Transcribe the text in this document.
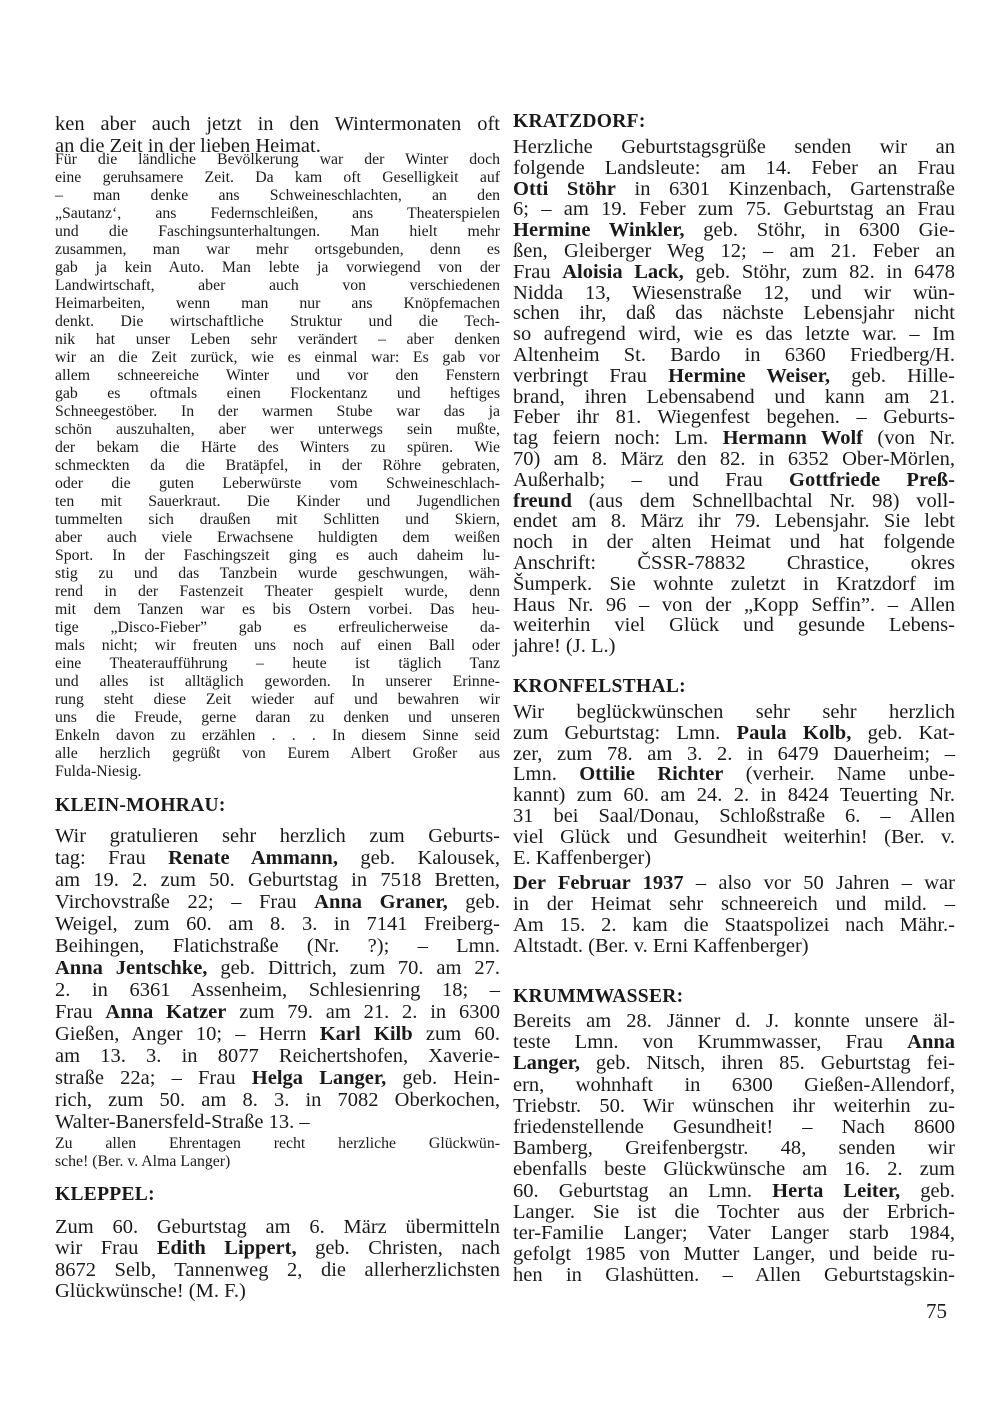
ken aber auch jetzt in den Wintermonaten oft
an die Zeit in der lieben Heimat.
Für die ländliche Bevölkerung war der Winter doch
eine geruhsamere Zeit. Da kam oft Geselligkeit auf
– man denke ans Schweineschlachten, an den
„Sautanz‘, ans Federnschleißen, ans Theaterspielen
und die Faschingsunterhaltungen. Man hielt mehr
zusammen, man war mehr ortsgebunden, denn es
gab ja kein Auto. Man lebte ja vorwiegend von der
Landwirtschaft, aber auch von verschiedenen
Heimarbeiten, wenn man nur ans Knöpfemachen
denkt. Die wirtschaftliche Struktur und die Tech-
nik hat unser Leben sehr verändert – aber denken
wir an die Zeit zurück, wie es einmal war: Es gab vor
allem schneereiche Winter und vor den Fenstern
gab es oftmals einen Flockentanz und heftiges
Schneegestöber. In der warmen Stube war das ja
schön auszuhalten, aber wer unterwegs sein mußte,
der bekam die Härte des Winters zu spüren. Wie
schmeckten da die Bratäpfel, in der Röhre gebraten,
oder die guten Leberwürste vom Schweineschlach-
ten mit Sauerkraut. Die Kinder und Jugendlichen
tummelten sich draußen mit Schlitten und Skiern,
aber auch viele Erwachsene huldigten dem weißen
Sport. In der Faschingszeit ging es auch daheim lu-
stig zu und das Tanzbein wurde geschwungen, wäh-
rend in der Fastenzeit Theater gespielt wurde, denn
mit dem Tanzen war es bis Ostern vorbei. Das heu-
tige „Disco-Fieber” gab es erfreulicherweise da-
mals nicht; wir freuten uns noch auf einen Ball oder
eine Theateraufführung – heute ist täglich Tanz
und alles ist alltäglich geworden. In unserer Erinne-
rung steht diese Zeit wieder auf und bewahren wir
uns die Freude, gerne daran zu denken und unseren
Enkeln davon zu erzählen . . . In diesem Sinne seid
alle herzlich gegrüßt von Eurem Albert Großer aus
Fulda-Niesig.
KLEIN-MOHRAU:
Wir gratulieren sehr herzlich zum Geburts-
tag: Frau Renate Ammann, geb. Kalousek,
am 19. 2. zum 50. Geburtstag in 7518 Bretten,
Virchovstraße 22; – Frau Anna Graner, geb.
Weigel, zum 60. am 8. 3. in 7141 Freiberg-
Beihingen, Flatichstraße (Nr. ?); – Lmn.
Anna Jentschke, geb. Dittrich, zum 70. am 27.
2. in 6361 Assenheim, Schlesienring 18; –
Frau Anna Katzer zum 79. am 21. 2. in 6300
Gießen, Anger 10; – Herrn Karl Kilb zum 60.
am 13. 3. in 8077 Reichertshofen, Xaverie-
straße 22a; – Frau Helga Langer, geb. Hein-
rich, zum 50. am 8. 3. in 7082 Oberkochen,
Walter-Banersfeld-Straße 13. –
Zu allen Ehrentagen recht herzliche Glückwün-
sche! (Ber. v. Alma Langer)
KLEPPEL:
Zum 60. Geburtstag am 6. März übermitteln
wir Frau Edith Lippert, geb. Christen, nach
8672 Selb, Tannenweg 2, die allerherzlichsten
Glückwünsche! (M. F.)
KRATZDORF:
Herzliche Geburtstagsgrüße senden wir an
folgende Landsleute: am 14. Feber an Frau
Otti Stöhr in 6301 Kinzenbach, Gartenstraße
6; – am 19. Feber zum 75. Geburtstag an Frau
Hermine Winkler, geb. Stöhr, in 6300 Gie-
ßen, Gleiberger Weg 12; – am 21. Feber an
Frau Aloisia Lack, geb. Stöhr, zum 82. in 6478
Nidda 13, Wiesenstraße 12, und wir wün-
schen ihr, daß das nächste Lebensjahr nicht
so aufregend wird, wie es das letzte war. – Im
Altenheim St. Bardo in 6360 Friedberg/H.
verbringt Frau Hermine Weiser, geb. Hille-
brand, ihren Lebensabend und kann am 21.
Feber ihr 81. Wiegenfest begehen. – Geburts-
tag feiern noch: Lm. Hermann Wolf (von Nr.
70) am 8. März den 82. in 6352 Ober-Mörlen,
Außerhalb; – und Frau Gottfriede Preß-
freund (aus dem Schnellbachtal Nr. 98) voll-
endet am 8. März ihr 79. Lebensjahr. Sie lebt
noch in der alten Heimat und hat folgende
Anschrift: ČSSR-78832 Chrastice, okres
Šumperk. Sie wohnte zuletzt in Kratzdorf im
Haus Nr. 96 – von der „Kopp Seffin”. – Allen
weiterhin viel Glück und gesunde Lebens-
jahre! (J. L.)
KRONFELSTHAL:
Wir beglückwünschen sehr sehr herzlich
zum Geburtstag: Lmn. Paula Kolb, geb. Kat-
zer, zum 78. am 3. 2. in 6479 Dauerheim; –
Lmn. Ottilie Richter (verheir. Name unbe-
kannt) zum 60. am 24. 2. in 8424 Teuerting Nr.
31 bei Saal/Donau, Schloßstraße 6. – Allen
viel Glück und Gesundheit weiterhin! (Ber. v.
E. Kaffenberger)
Der Februar 1937 – also vor 50 Jahren – war
in der Heimat sehr schneereich und mild. –
Am 15. 2. kam die Staatspolizei nach Mähr.-
Altstadt. (Ber. v. Erni Kaffenberger)
KRUMMWASSER:
Bereits am 28. Jänner d. J. konnte unsere äl-
teste Lmn. von Krummwasser, Frau Anna
Langer, geb. Nitsch, ihren 85. Geburtstag fei-
ern, wohnhaft in 6300 Gießen-Allendorf,
Triebstr. 50. Wir wünschen ihr weiterhin zu-
friedenstellende Gesundheit! – Nach 8600
Bamberg, Greifenbergstr. 48, senden wir
ebenfalls beste Glückwünsche am 16. 2. zum
60. Geburtstag an Lmn. Herta Leiter, geb.
Langer. Sie ist die Tochter aus der Erbrich-
ter-Familie Langer; Vater Langer starb 1984,
gefolgt 1985 von Mutter Langer, und beide ru-
hen in Glashütten. – Allen Geburtstagskin-
75
